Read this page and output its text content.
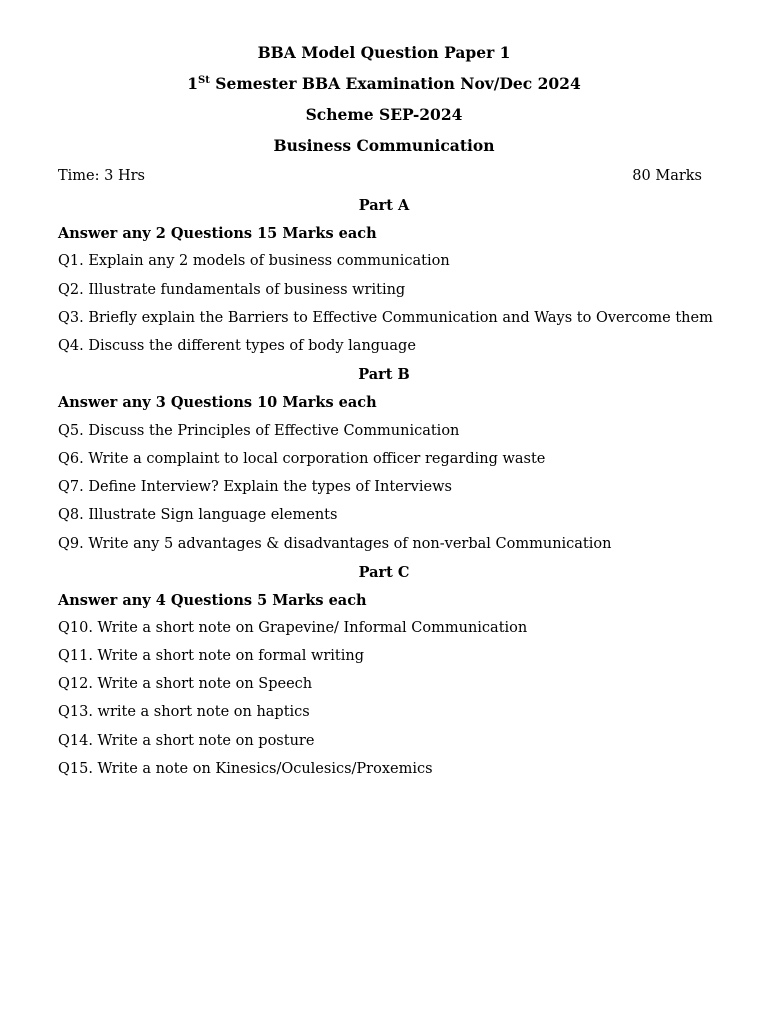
BBA Model Question Paper 1
1St Semester BBA Examination Nov/Dec 2024
Scheme SEP-2024
Business Communication
Time: 3 Hrs	80 Marks
Part A
Answer any 2 Questions 15 Marks each
Q1. Explain any 2 models of business communication
Q2. Illustrate fundamentals of business writing
Q3. Briefly explain the Barriers to Effective Communication and Ways to Overcome them
Q4. Discuss the different types of body language
Part B
Answer any 3 Questions 10 Marks each
Q5. Discuss the Principles of Effective Communication
Q6. Write a complaint to local corporation officer regarding waste
Q7. Define Interview? Explain the types of Interviews
Q8. Illustrate Sign language elements
Q9. Write any 5 advantages & disadvantages of non-verbal Communication
Part C
Answer any 4 Questions 5 Marks each
Q10. Write a short note on Grapevine/ Informal Communication
Q11. Write a short note on formal writing
Q12. Write a short note on Speech
Q13. write a short note on haptics
Q14. Write a short note on posture
Q15. Write a note on Kinesics/Oculesics/Proxemics
